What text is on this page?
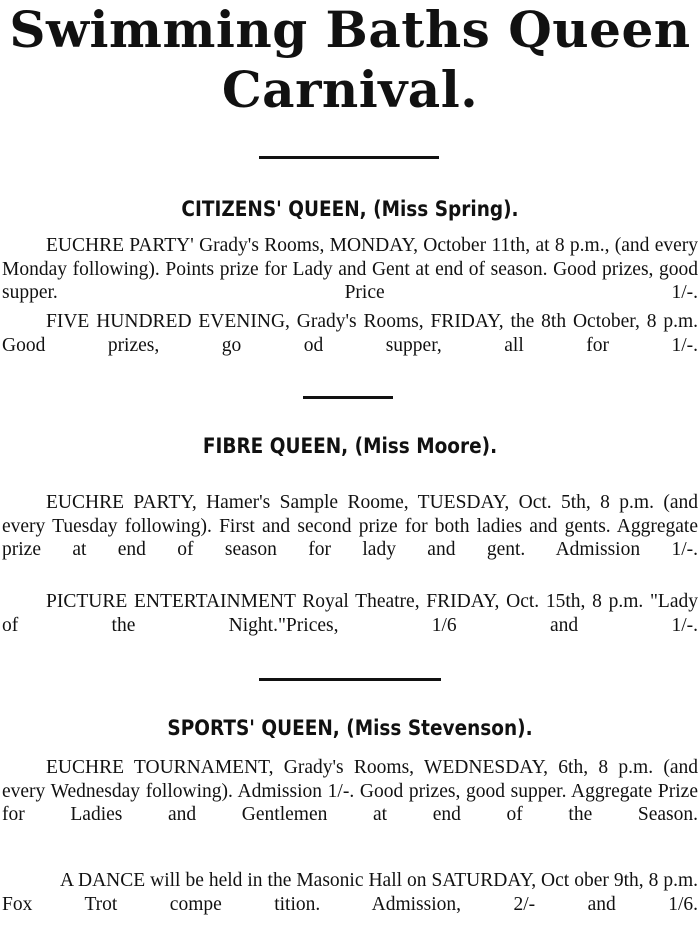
Swimming Baths Queen
Carnival.
CITIZENS' QUEEN, (Miss Spring).
EUCHRE PARTY' Grady's Rooms, MONDAY, October 11th, at 8 p.m., (and every Monday following). Points prize for Lady and Gent at end of season. Good prizes, good supper. Price 1/-.
FIVE HUNDRED EVENING, Grady's Rooms, FRIDAY, the 8th October, 8 p.m. Good prizes, go od supper, all for 1/-.
FIBRE QUEEN, (Miss Moore).
EUCHRE PARTY, Hamer's Sample Roome, TUESDAY, Oct. 5th, 8 p.m. (and every Tuesday following). First and second prize for both ladies and gents. Aggregate prize at end of season for lady and gent. Admission 1/-.
PICTURE ENTERTAINMENT Royal Theatre, FRIDAY, Oct. 15th, 8 p.m. "Lady of the Night."Prices, 1/6 and 1/-.
SPORTS' QUEEN, (Miss Stevenson).
EUCHRE TOURNAMENT, Grady's Rooms, WEDNESDAY, 6th, 8 p.m. (and every Wednesday following). Admission 1/-. Good prizes, good supper. Aggregate Prize for Ladies and Gentlemen at end of the Season.
A DANCE will be held in the Masonic Hall on SATURDAY, Oct ober 9th, 8 p.m. Fox Trot compe tition. Admission, 2/- and 1/6.
